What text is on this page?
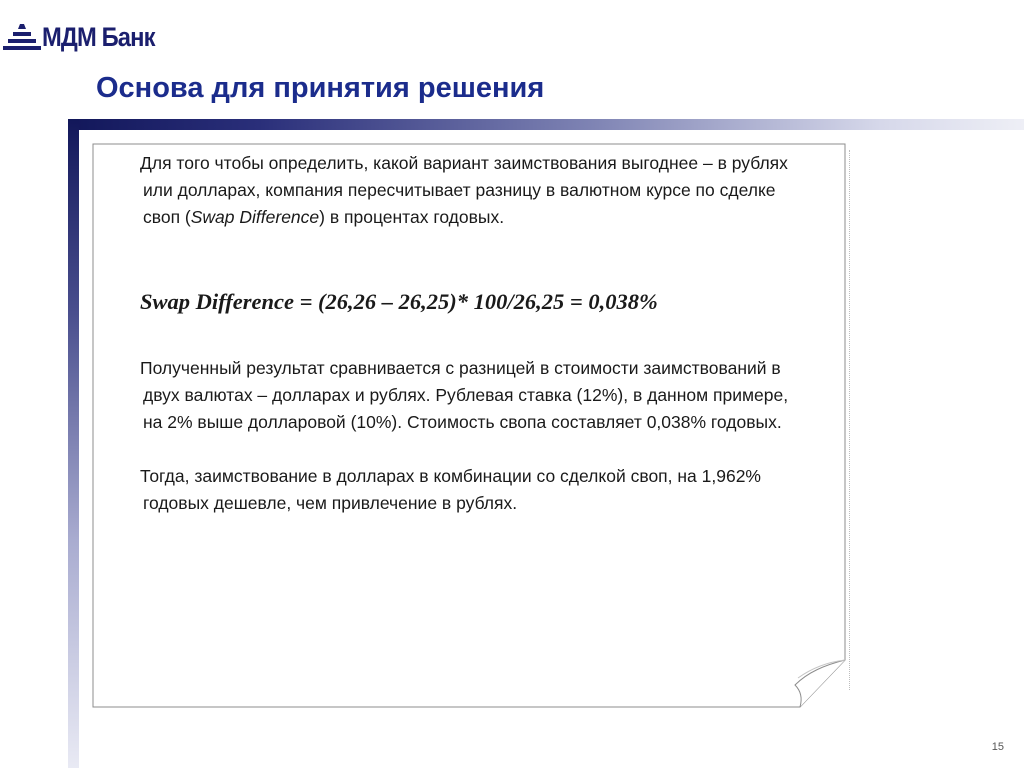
МДМ Банк
Основа для принятия решения

Для того чтобы определить, какой вариант заимствования выгоднее – в рублях
или долларах, компания пересчитывает разницу в валютном курсе по сделке
своп (Swap Difference) в процентах годовых.

Swap Difference = (26,26 – 26,25)* 100/26,25 = 0,038%

Полученный результат сравнивается с разницей в стоимости заимствований в
двух валютах – долларах и рублях. Рублевая ставка (12%), в данном примере,
на 2% выше долларовой (10%). Стоимость свопа составляет 0,038% годовых.

Тогда, заимствование в долларах в комбинации со сделкой своп, на 1,962%
годовых дешевле, чем привлечение в рублях.

15
